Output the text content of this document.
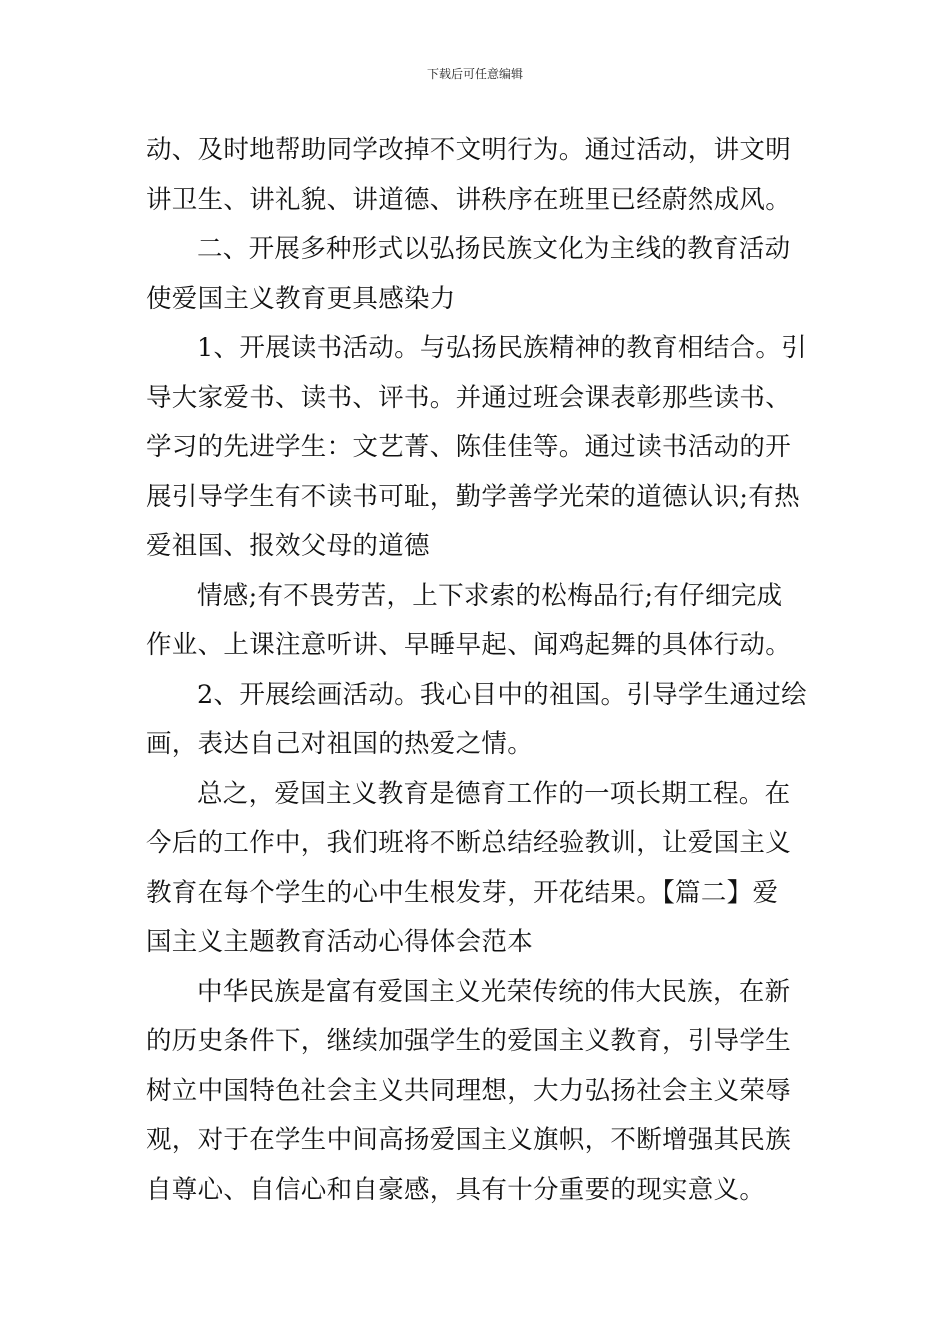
下载后可任意编辑
动、及时地帮助同学改掉不文明行为。通过活动，讲文明
讲卫生、讲礼貌、讲道德、讲秩序在班里已经蔚然成风。
二、开展多种形式以弘扬民族文化为主线的教育活动
使爱国主义教育更具感染力
1、开展读书活动。与弘扬民族精神的教育相结合。引
导大家爱书、读书、评书。并通过班会课表彰那些读书、
学习的先进学生：文艺菁、陈佳佳等。通过读书活动的开
展引导学生有不读书可耻，勤学善学光荣的道德认识;有热
爱祖国、报效父母的道德
情感;有不畏劳苦，上下求索的松梅品行;有仔细完成
作业、上课注意听讲、早睡早起、闻鸡起舞的具体行动。
2、开展绘画活动。我心目中的祖国。引导学生通过绘
画，表达自己对祖国的热爱之情。
总之，爱国主义教育是德育工作的一项长期工程。在
今后的工作中，我们班将不断总结经验教训，让爱国主义
教育在每个学生的心中生根发芽，开花结果。【篇二】爱
国主义主题教育活动心得体会范本
中华民族是富有爱国主义光荣传统的伟大民族，在新
的历史条件下，继续加强学生的爱国主义教育，引导学生
树立中国特色社会主义共同理想，大力弘扬社会主义荣辱
观，对于在学生中间高扬爱国主义旗帜，不断增强其民族
自尊心、自信心和自豪感，具有十分重要的现实意义。
